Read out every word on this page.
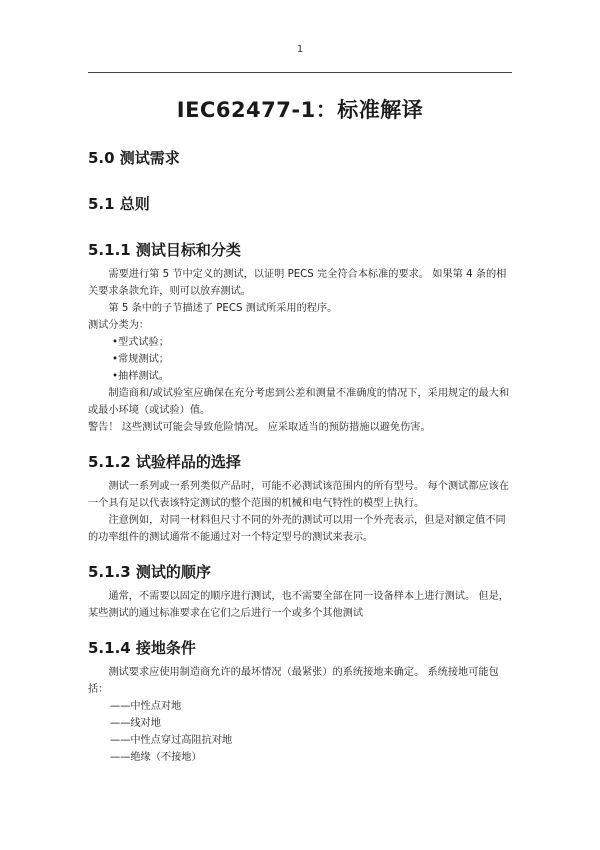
1
IEC62477-1：标准解译
5.0 测试需求
5.1 总则
5.1.1 测试目标和分类

需要进行第 5 节中定义的测试，以证明 PECS 完全符合本标准的要求。 如果第 4 条的相关要求条款允许，则可以放弃测试。

第 5 条中的子节描述了 PECS 测试所采用的程序。

测试分类为：

•型式试验；

•常规测试；

•抽样测试。

制造商和/或试验室应确保在充分考虑到公差和测量不准确度的情况下，采用规定的最大和或最小环境（或试验）值。

警告！ 这些测试可能会导致危险情况。 应采取适当的预防措施以避免伤害。

5.1.2 试验样品的选择

测试一系列或一系列类似产品时，可能不必测试该范围内的所有型号。 每个测试都应该在一个具有足以代表该特定测试的整个范围的机械和电气特性的模型上执行。

注意例如，对同一材料但尺寸不同的外壳的测试可以用一个外壳表示，但是对额定值不同的功率组件的测试通常不能通过对一个特定型号的测试来表示。

5.1.3 测试的顺序

通常，不需要以固定的顺序进行测试，也不需要全部在同一设备样本上进行测试。 但是，某些测试的通过标准要求在它们之后进行一个或多个其他测试

5.1.4 接地条件

测试要求应使用制造商允许的最坏情况（最紧张）的系统接地来确定。 系统接地可能包括：

——中性点对地

——线对地

——中性点穿过高阻抗对地

——绝缘（不接地）
